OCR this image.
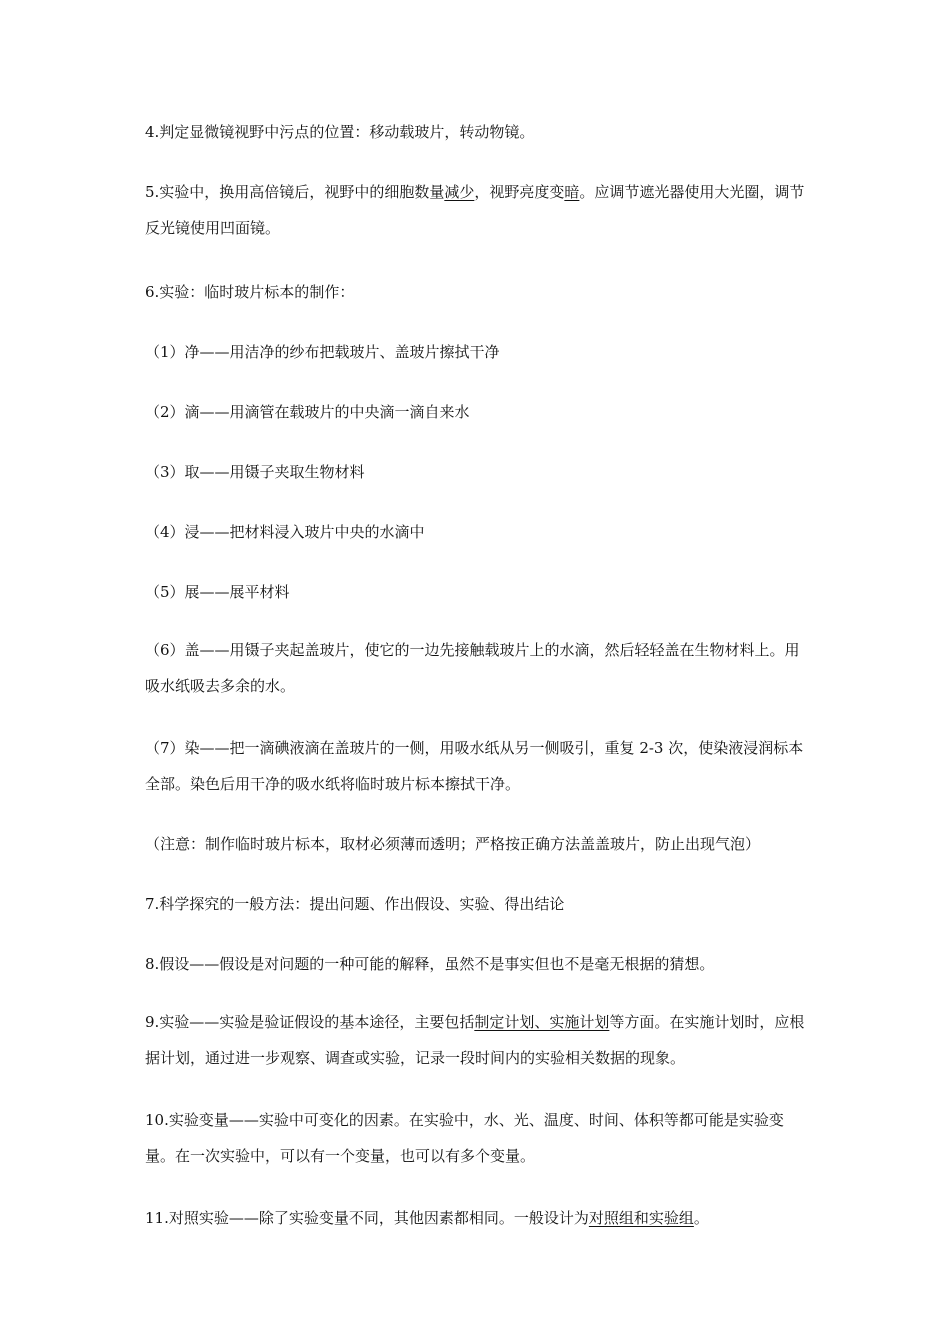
4.判定显微镜视野中污点的位置：移动载玻片，转动物镜。

5.实验中，换用高倍镜后，视野中的细胞数量减少，视野亮度变暗。应调节遮光器使用大光圈，调节反光镜使用凹面镜。

6.实验：临时玻片标本的制作：

（1）净——用洁净的纱布把载玻片、盖玻片擦拭干净

（2）滴——用滴管在载玻片的中央滴一滴自来水

（3）取——用镊子夹取生物材料

（4）浸——把材料浸入玻片中央的水滴中

（5）展——展平材料

（6）盖——用镊子夹起盖玻片，使它的一边先接触载玻片上的水滴，然后轻轻盖在生物材料上。用吸水纸吸去多余的水。

（7）染——把一滴碘液滴在盖玻片的一侧，用吸水纸从另一侧吸引，重复 2-3 次，使染液浸润标本全部。染色后用干净的吸水纸将临时玻片标本擦拭干净。

（注意：制作临时玻片标本，取材必须薄而透明；严格按正确方法盖盖玻片，防止出现气泡）

7.科学探究的一般方法：提出问题、作出假设、实验、得出结论

8.假设——假设是对问题的一种可能的解释，虽然不是事实但也不是毫无根据的猜想。

9.实验——实验是验证假设的基本途径，主要包括制定计划、实施计划等方面。在实施计划时，应根据计划，通过进一步观察、调查或实验，记录一段时间内的实验相关数据的现象。

10.实验变量——实验中可变化的因素。在实验中，水、光、温度、时间、体积等都可能是实验变量。在一次实验中，可以有一个变量，也可以有多个变量。

11.对照实验——除了实验变量不同，其他因素都相同。一般设计为对照组和实验组。
